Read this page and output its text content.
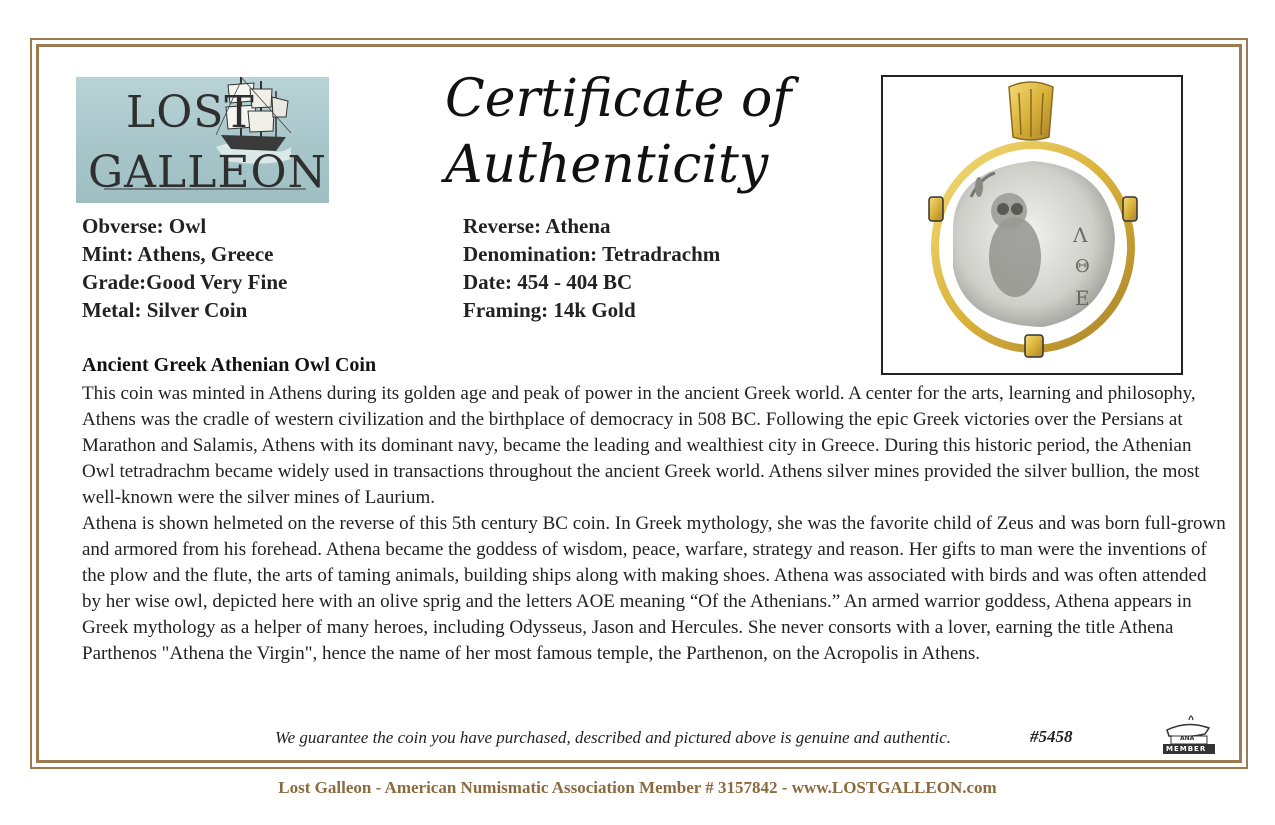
LOST
GALLEON
Certificate of
Authenticity
Λ
Θ
Ε
Obverse: Owl
Mint: Athens, Greece
Grade:Good Very Fine
Metal: Silver Coin
Reverse: Athena
Denomination: Tetradrachm
Date: 454 - 404 BC
Framing: 14k Gold
Ancient Greek Athenian Owl Coin

This coin was minted in Athens during its golden age and peak of power in the ancient Greek world. A center for the arts, learning and philosophy, Athens was the cradle of western civilization and the birthplace of democracy in 508 BC. Following the epic Greek victories over the Persians at Marathon and Salamis, Athens with its dominant navy, became the leading and wealthiest city in Greece. During this historic period, the Athenian Owl tetradrachm became widely used in transactions throughout the ancient Greek world. Athens silver mines provided the silver bullion, the most well-known were the silver mines of Laurium.

Athena is shown helmeted on the reverse of this 5th century BC coin. In Greek mythology, she was the favorite child of Zeus and was born full-grown and armored from his forehead. Athena became the goddess of wisdom, peace, warfare, strategy and reason. Her gifts to man were the inventions of the plow and the flute, the arts of taming animals, building ships along with making shoes. Athena was associated with birds and was often attended by her wise owl, depicted here with an olive sprig and the letters AOE meaning “Of the Athenians.” An armed warrior goddess, Athena appears in Greek mythology as a helper of many heroes, including Odysseus, Jason and Hercules. She never consorts with a lover, earning the title Athena Parthenos "Athena the Virgin", hence the name of her most famous temple, the Parthenon, on the Acropolis in Athens.

We guarantee the coin you have purchased, described and pictured above is genuine and authentic.	#5458	ANA
MEMBER
Lost Galleon - American Numismatic Association Member # 3157842 - www.LOSTGALLEON.com
